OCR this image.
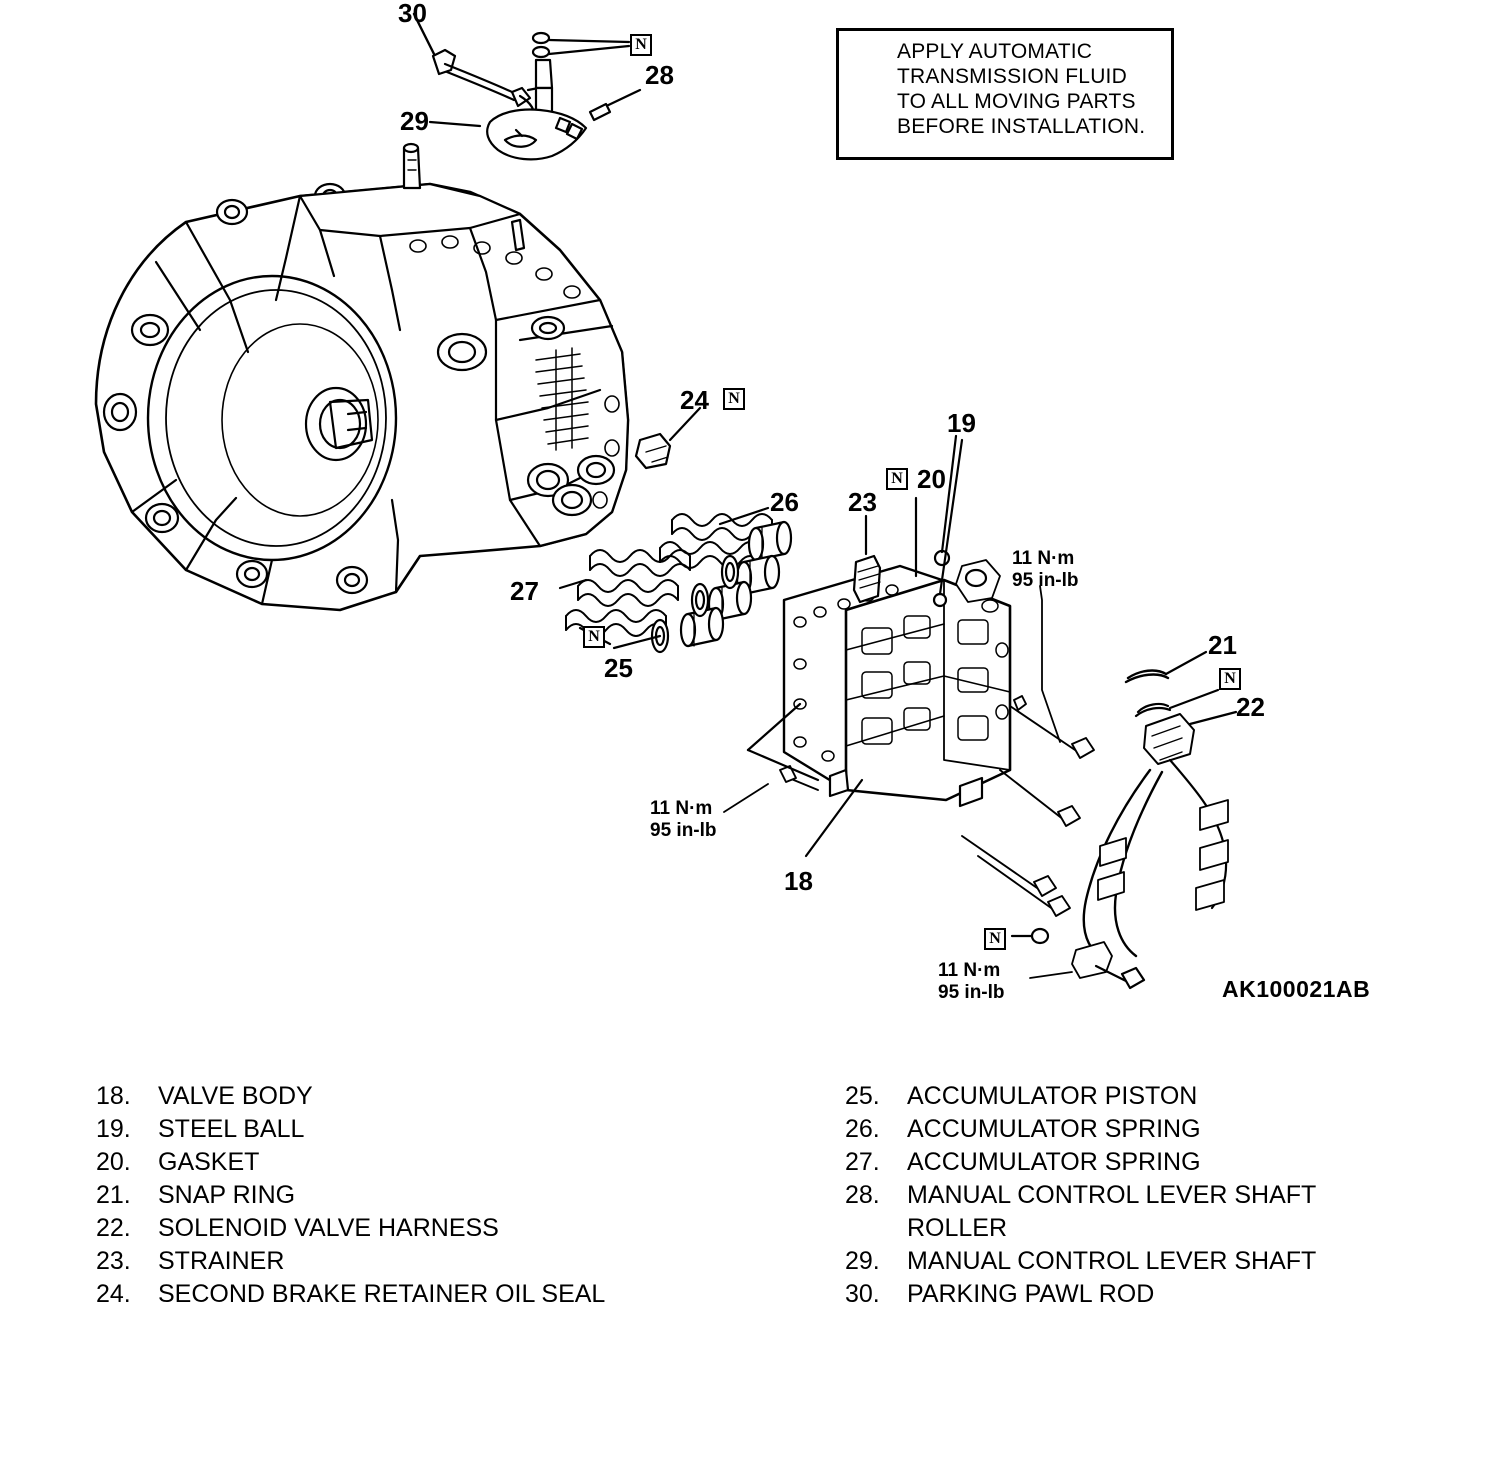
APPLY AUTOMATIC
TRANSMISSION FLUID
TO ALL MOVING PARTS
BEFORE INSTALLATION.
30
28
29
24
19
26
20
23
27
25
21
22
18
N
N
N
N
N
N
11 N·m
95 in-lb
11 N·m
95 in-lb
11 N·m
95 in-lb	AK100021AB
18.	VALVE BODY
19.	STEEL BALL
20.	GASKET
21.	SNAP RING
22.	SOLENOID VALVE HARNESS
23.	STRAINER
24.	SECOND BRAKE RETAINER OIL SEAL
25.	ACCUMULATOR PISTON
26.	ACCUMULATOR SPRING
27.	ACCUMULATOR SPRING
28.	MANUAL CONTROL LEVER SHAFT
ROLLER
29.	MANUAL CONTROL LEVER SHAFT
30.	PARKING PAWL ROD
